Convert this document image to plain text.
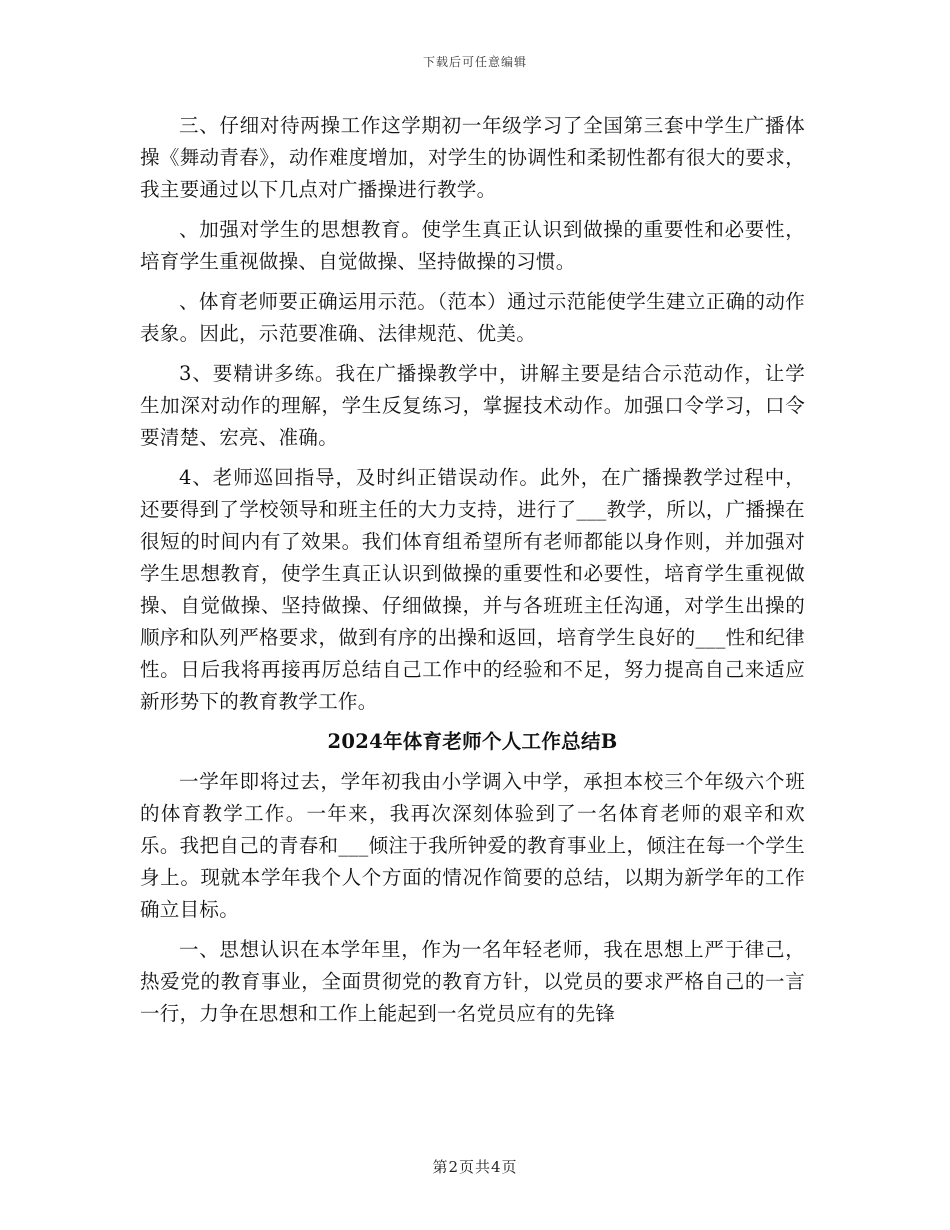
下载后可任意编辑

三、仔细对待两操工作这学期初一年级学习了全国第三套中学生广播体操《舞动青春》，动作难度增加，对学生的协调性和柔韧性都有很大的要求，我主要通过以下几点对广播操进行教学。

、加强对学生的思想教育。使学生真正认识到做操的重要性和必要性，培育学生重视做操、自觉做操、坚持做操的习惯。

、体育老师要正确运用示范。（范本）通过示范能使学生建立正确的动作表象。因此，示范要准确、法律规范、优美。

3、要精讲多练。我在广播操教学中，讲解主要是结合示范动作，让学生加深对动作的理解，学生反复练习，掌握技术动作。加强口令学习，口令要清楚、宏亮、准确。

4、老师巡回指导，及时纠正错误动作。此外，在广播操教学过程中，还要得到了学校领导和班主任的大力支持，进行了___教学，所以，广播操在很短的时间内有了效果。我们体育组希望所有老师都能以身作则，并加强对学生思想教育，使学生真正认识到做操的重要性和必要性，培育学生重视做操、自觉做操、坚持做操、仔细做操，并与各班班主任沟通，对学生出操的顺序和队列严格要求，做到有序的出操和返回，培育学生良好的___性和纪律性。日后我将再接再厉总结自己工作中的经验和不足，努力提高自己来适应新形势下的教育教学工作。

2024年体育老师个人工作总结B

一学年即将过去，学年初我由小学调入中学，承担本校三个年级六个班的体育教学工作。一年来，我再次深刻体验到了一名体育老师的艰辛和欢乐。我把自己的青春和___倾注于我所钟爱的教育事业上，倾注在每一个学生身上。现就本学年我个人个方面的情况作简要的总结，以期为新学年的工作确立目标。

一、思想认识在本学年里，作为一名年轻老师，我在思想上严于律己，热爱党的教育事业，全面贯彻党的教育方针，以党员的要求严格自己的一言一行，力争在思想和工作上能起到一名党员应有的先锋

第2页共4页
